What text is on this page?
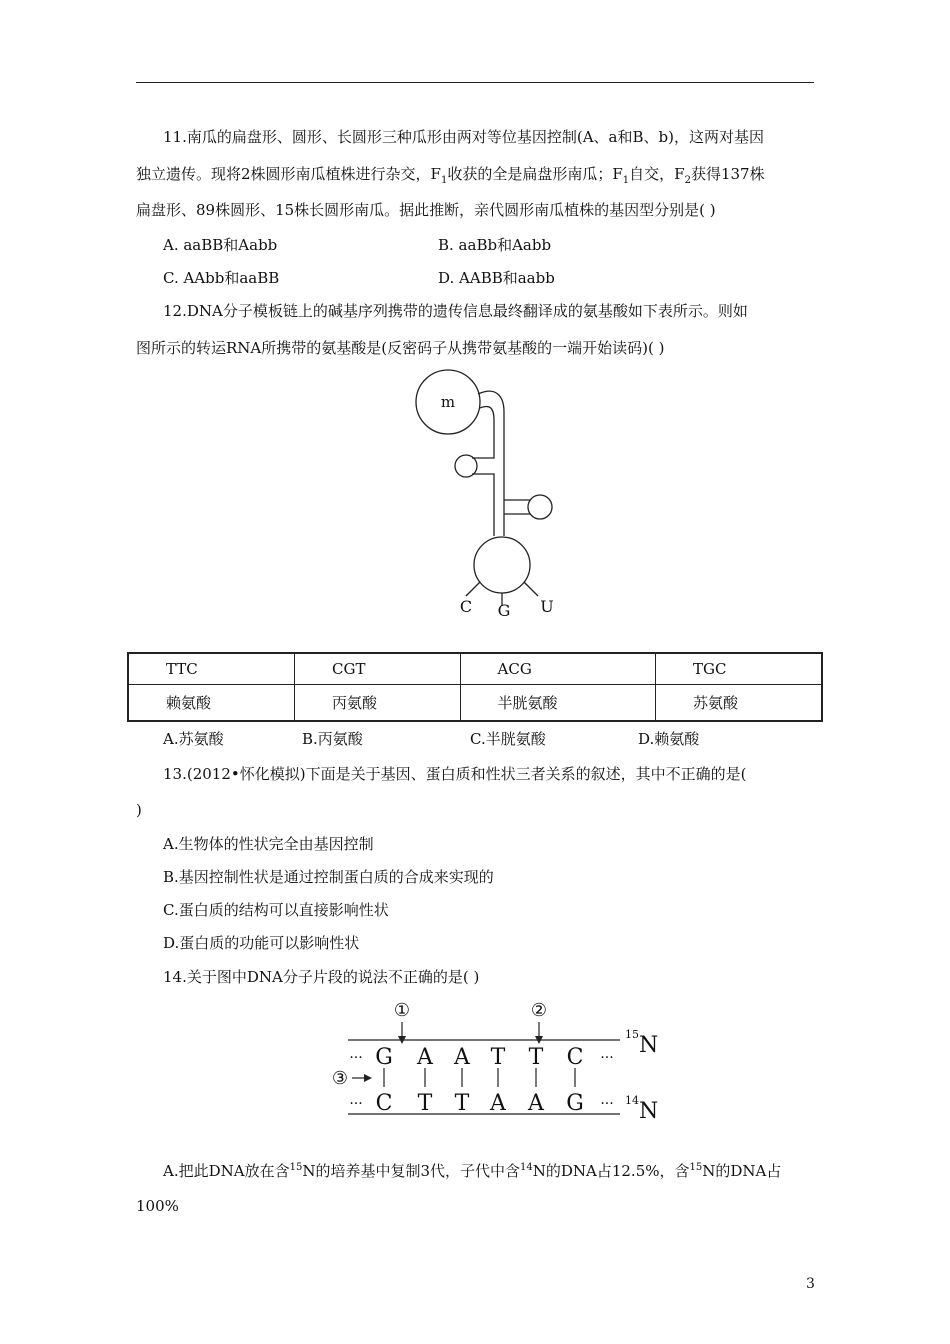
11.南瓜的扁盘形、圆形、长圆形三种瓜形由两对等位基因控制(A、a和B、b)，这两对基因
独立遗传。现将2株圆形南瓜植株进行杂交，$F_1$收获的全是扁盘形南瓜；$F_1$自交，$F_2$获得137株
扁盘形、89株圆形、15株长圆形南瓜。据此推断，亲代圆形南瓜植株的基因型分别是( )
A. aaBB和Aabb	B. aaBb和Aabb
C. AAbb和aaBB	D. AABB和aabb
12.DNA分子模板链上的碱基序列携带的遗传信息最终翻译成的氨基酸如下表所示。则如
图所示的转运RNA所携带的氨基酸是(反密码子从携带氨基酸的一端开始读码)( )
m
C G U
TTC	CGT	ACG	TGC
赖氨酸	丙氨酸	半胱氨酸	苏氨酸
A.苏氨酸	B.丙氨酸	C.半胱氨酸	D.赖氨酸
13.(2012•怀化模拟)下面是关于基因、蛋白质和性状三者关系的叙述，其中不正确的是(
)
A.生物体的性状完全由基因控制
B.基因控制性状是通过控制蛋白质的合成来实现的
C.蛋白质的结构可以直接影响性状
D.蛋白质的功能可以影响性状
14.关于图中DNA分子片段的说法不正确的是( )
①	②
③
··· G A A T T C ···
··· C T T A A G ···
15 N
14 N
A.把此DNA放在含$^{15}$N的培养基中复制3代，子代中含$^{14}$N的DNA占12.5%，含$^{15}$N的DNA占
100%
3
